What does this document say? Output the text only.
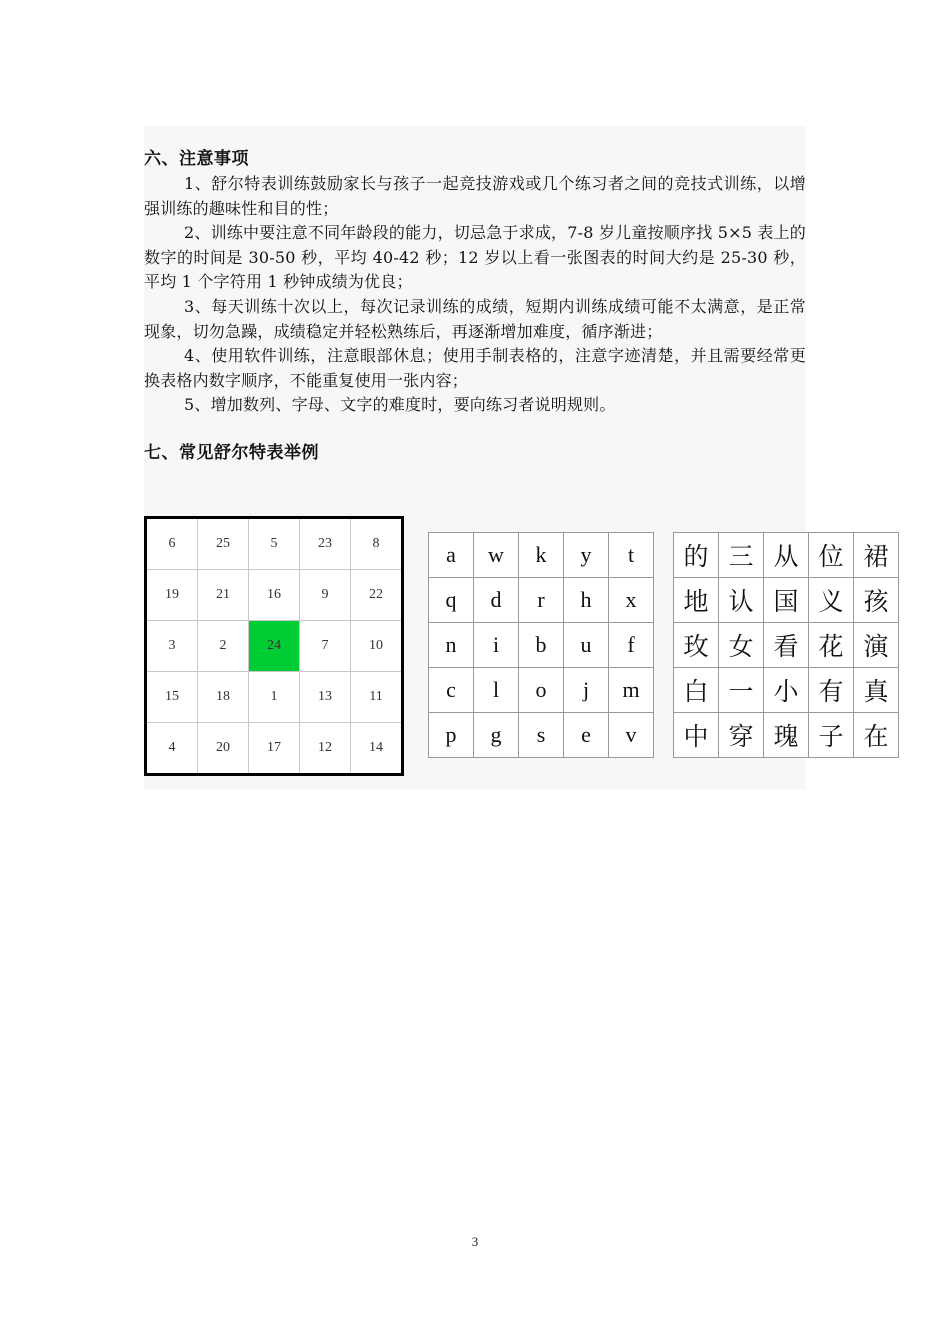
六、注意事项

1、舒尔特表训练鼓励家长与孩子一起竞技游戏或几个练习者之间的竞技式训练，以增强训练的趣味性和目的性；

2、训练中要注意不同年龄段的能力，切忌急于求成，7-8 岁儿童按顺序找 5×5 表上的数字的时间是 30-50 秒，平均 40-42 秒；12 岁以上看一张图表的时间大约是 25-30 秒，平均 1 个字符用 1 秒钟成绩为优良；

3、每天训练十次以上，每次记录训练的成绩，短期内训练成绩可能不太满意，是正常现象，切勿急躁，成绩稳定并轻松熟练后，再逐渐增加难度，循序渐进；

4、使用软件训练，注意眼部休息；使用手制表格的，注意字迹清楚，并且需要经常更换表格内数字顺序，不能重复使用一张内容；

5、增加数列、字母、文字的难度时，要向练习者说明规则。

七、常见舒尔特表举例

6	25	5	23	8
19	21	16	9	22
3	2	24	7	10
15	18	1	13	11
4	20	17	12	14
a	w	k	y	t
q	d	r	h	x
n	i	b	u	f
c	l	o	j	m
p	g	s	e	v
的	三	从	位	裙
地	认	国	义	孩
玫	女	看	花	演
白	一	小	有	真
中	穿	瑰	子	在
3
